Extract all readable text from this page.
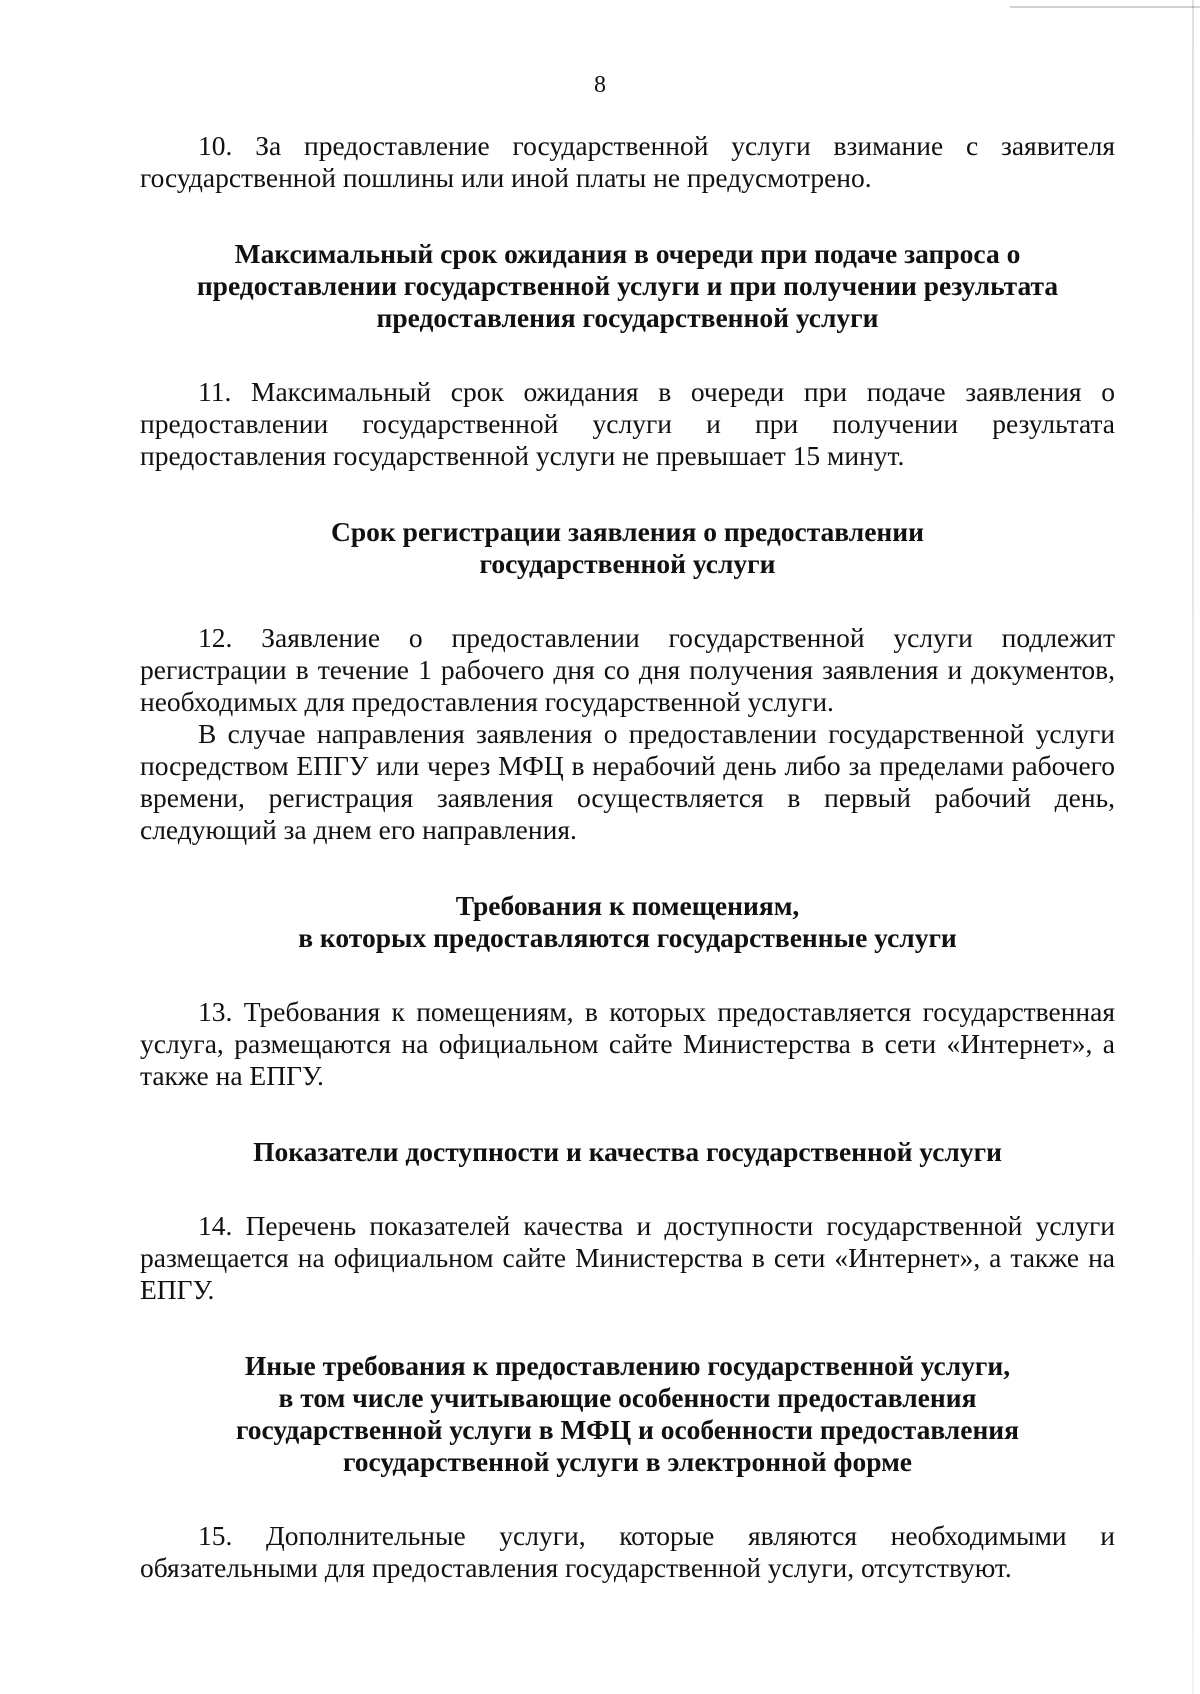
8

10. За предоставление государственной услуги взимание с заявителя государственной пошлины или иной платы не предусмотрено.

Максимальный срок ожидания в очереди при подаче запроса о
предоставлении государственной услуги и при получении результата
предоставления государственной услуги

11. Максимальный срок ожидания в очереди при подаче заявления о предоставлении государственной услуги и при получении результата предоставления государственной услуги не превышает 15 минут.

Срок регистрации заявления о предоставлении
государственной услуги

12. Заявление о предоставлении государственной услуги подлежит регистрации в течение 1 рабочего дня со дня получения заявления и документов, необходимых для предоставления государственной услуги.

В случае направления заявления о предоставлении государственной услуги посредством ЕПГУ или через МФЦ в нерабочий день либо за пределами рабочего времени, регистрация заявления осуществляется в первый рабочий день, следующий за днем его направления.

Требования к помещениям,
в которых предоставляются государственные услуги

13. Требования к помещениям, в которых предоставляется государственная услуга, размещаются на официальном сайте Министерства в сети «Интернет», а также на ЕПГУ.

Показатели доступности и качества государственной услуги

14. Перечень показателей качества и доступности государственной услуги размещается на официальном сайте Министерства в сети «Интернет», а также на ЕПГУ.

Иные требования к предоставлению государственной услуги,
в том числе учитывающие особенности предоставления
государственной услуги в МФЦ и особенности предоставления
государственной услуги в электронной форме

15. Дополнительные услуги, которые являются необходимыми и обязательными для предоставления государственной услуги, отсутствуют.
